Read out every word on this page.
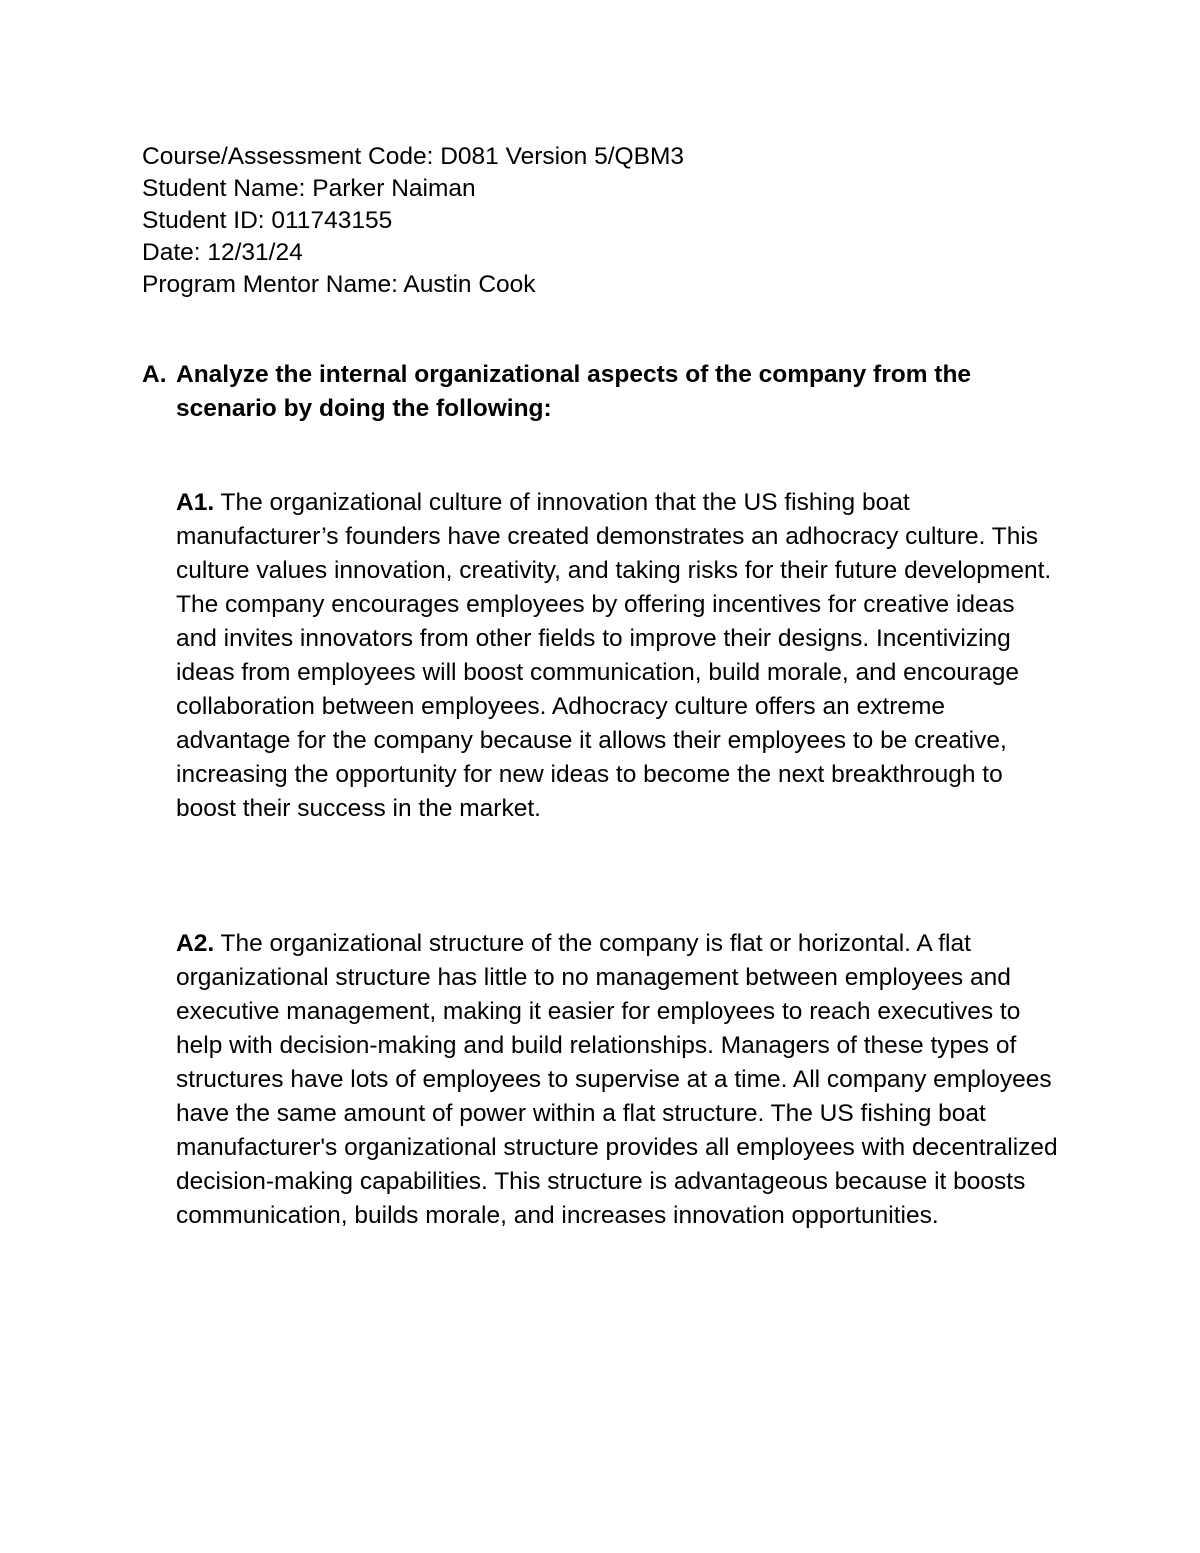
Course/Assessment Code: D081 Version 5/QBM3
Student Name: Parker Naiman
Student ID: 011743155
Date: 12/31/24
Program Mentor Name: Austin Cook
A. Analyze the internal organizational aspects of the company from the scenario by doing the following:
A1. The organizational culture of innovation that the US fishing boat manufacturer’s founders have created demonstrates an adhocracy culture. This culture values innovation, creativity, and taking risks for their future development. The company encourages employees by offering incentives for creative ideas and invites innovators from other fields to improve their designs. Incentivizing ideas from employees will boost communication, build morale, and encourage collaboration between employees. Adhocracy culture offers an extreme advantage for the company because it allows their employees to be creative, increasing the opportunity for new ideas to become the next breakthrough to boost their success in the market.
A2. The organizational structure of the company is flat or horizontal. A flat organizational structure has little to no management between employees and executive management, making it easier for employees to reach executives to help with decision-making and build relationships. Managers of these types of structures have lots of employees to supervise at a time. All company employees have the same amount of power within a flat structure. The US fishing boat manufacturer's organizational structure provides all employees with decentralized decision-making capabilities. This structure is advantageous because it boosts communication, builds morale, and increases innovation opportunities.
